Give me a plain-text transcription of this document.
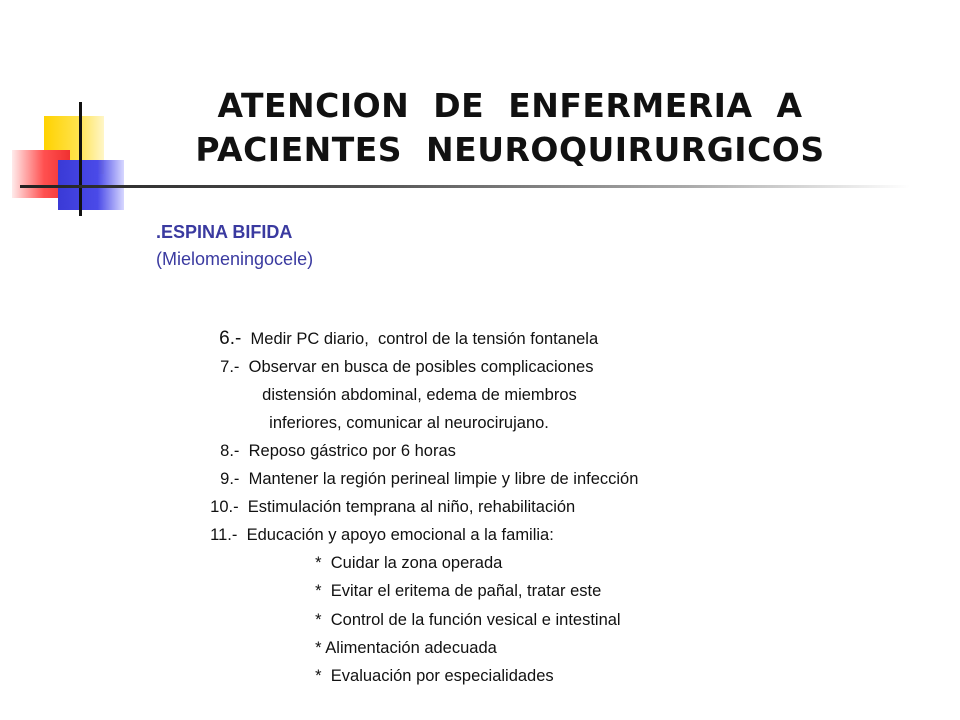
ATENCION DE ENFERMERIA A
PACIENTES NEUROQUIRURGICOS
.ESPINA BIFIDA
(Mielomeningocele)

6.- Medir PC diario,  control de la tensión fontanela

7.- Observar en busca de posibles complicaciones

distensión abdominal, edema de miembros

inferiores, comunicar al neurocirujano.

8.- Reposo gástrico por 6 horas

9.- Mantener la región perineal limpie y libre de infección

10.- Estimulación temprana al niño, rehabilitación

11.- Educación y apoyo emocional a la familia:

* Cuidar la zona operada

* Evitar el eritema de pañal, tratar este

* Control de la función vesical e intestinal

* Alimentación adecuada

* Evaluación por especialidades
